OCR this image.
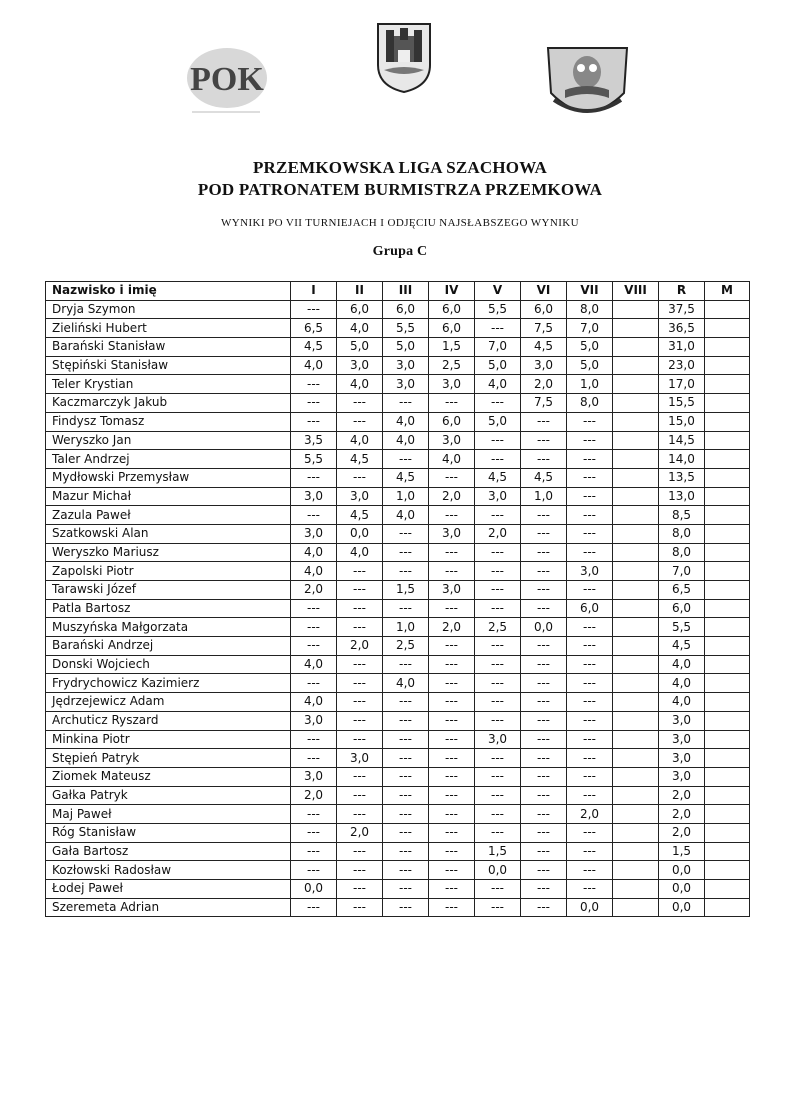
POK
PRZEMKOWSKA LIGA SZACHOWA
POD PATRONATEM BURMISTRZA PRZEMKOWA
WYNIKI PO VII TURNIEJACH I ODJĘCIU NAJSŁABSZEGO WYNIKU
Grupa C
Nazwisko i imię	I	II	III	IV	V	VI	VII	VIII	R	M
Dryja Szymon	---	6,0	6,0	6,0	5,5	6,0	8,0		37,5	
Zieliński Hubert	6,5	4,0	5,5	6,0	---	7,5	7,0		36,5	
Barański Stanisław	4,5	5,0	5,0	1,5	7,0	4,5	5,0		31,0	
Stępiński Stanisław	4,0	3,0	3,0	2,5	5,0	3,0	5,0		23,0	
Teler Krystian	---	4,0	3,0	3,0	4,0	2,0	1,0		17,0	
Kaczmarczyk Jakub	---	---	---	---	---	7,5	8,0		15,5	
Findysz Tomasz	---	---	4,0	6,0	5,0	---	---		15,0	
Weryszko Jan	3,5	4,0	4,0	3,0	---	---	---		14,5	
Taler Andrzej	5,5	4,5	---	4,0	---	---	---		14,0	
Mydłowski Przemysław	---	---	4,5	---	4,5	4,5	---		13,5	
Mazur Michał	3,0	3,0	1,0	2,0	3,0	1,0	---		13,0	
Zazula Paweł	---	4,5	4,0	---	---	---	---		8,5	
Szatkowski Alan	3,0	0,0	---	3,0	2,0	---	---		8,0	
Weryszko Mariusz	4,0	4,0	---	---	---	---	---		8,0	
Zapolski Piotr	4,0	---	---	---	---	---	3,0		7,0	
Tarawski Józef	2,0	---	1,5	3,0	---	---	---		6,5	
Patla Bartosz	---	---	---	---	---	---	6,0		6,0	
Muszyńska Małgorzata	---	---	1,0	2,0	2,5	0,0	---		5,5	
Barański Andrzej	---	2,0	2,5	---	---	---	---		4,5	
Donski Wojciech	4,0	---	---	---	---	---	---		4,0	
Frydrychowicz Kazimierz	---	---	4,0	---	---	---	---		4,0	
Jędrzejewicz Adam	4,0	---	---	---	---	---	---		4,0	
Archuticz Ryszard	3,0	---	---	---	---	---	---		3,0	
Minkina Piotr	---	---	---	---	3,0	---	---		3,0	
Stępień Patryk	---	3,0	---	---	---	---	---		3,0	
Ziomek Mateusz	3,0	---	---	---	---	---	---		3,0	
Gałka Patryk	2,0	---	---	---	---	---	---		2,0	
Maj Paweł	---	---	---	---	---	---	2,0		2,0	
Róg Stanisław	---	2,0	---	---	---	---	---		2,0	
Gała Bartosz	---	---	---	---	1,5	---	---		1,5	
Kozłowski Radosław	---	---	---	---	0,0	---	---		0,0	
Łodej Paweł	0,0	---	---	---	---	---	---		0,0	
Szeremeta Adrian	---	---	---	---	---	---	0,0		0,0	
